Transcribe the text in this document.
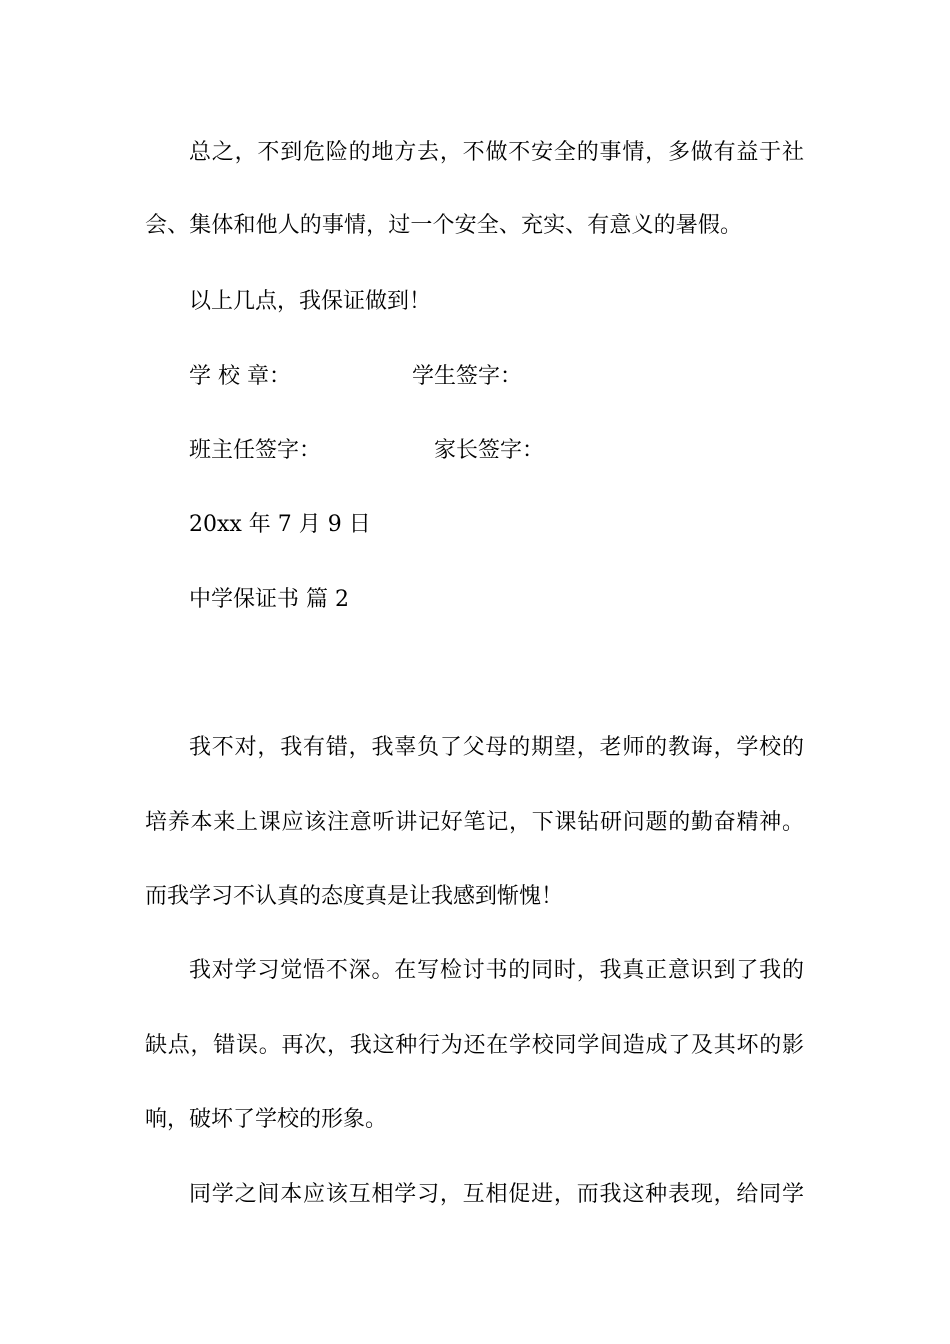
总之，不到危险的地方去，不做不安全的事情，多做有益于社
会、集体和他人的事情，过一个安全、充实、有意义的暑假。
以上几点，我保证做到！
学 校 章：	学生签字：
班主任签字：	家长签字：
20xx 年 7 月 9 日
中学保证书 篇 2
我不对，我有错，我辜负了父母的期望，老师的教诲，学校的
培养本来上课应该注意听讲记好笔记，下课钻研问题的勤奋精神。
而我学习不认真的态度真是让我感到惭愧！
我对学习觉悟不深。在写检讨书的同时，我真正意识到了我的
缺点，错误。再次，我这种行为还在学校同学间造成了及其坏的影
响，破坏了学校的形象。
同学之间本应该互相学习，互相促进，而我这种表现，给同学
